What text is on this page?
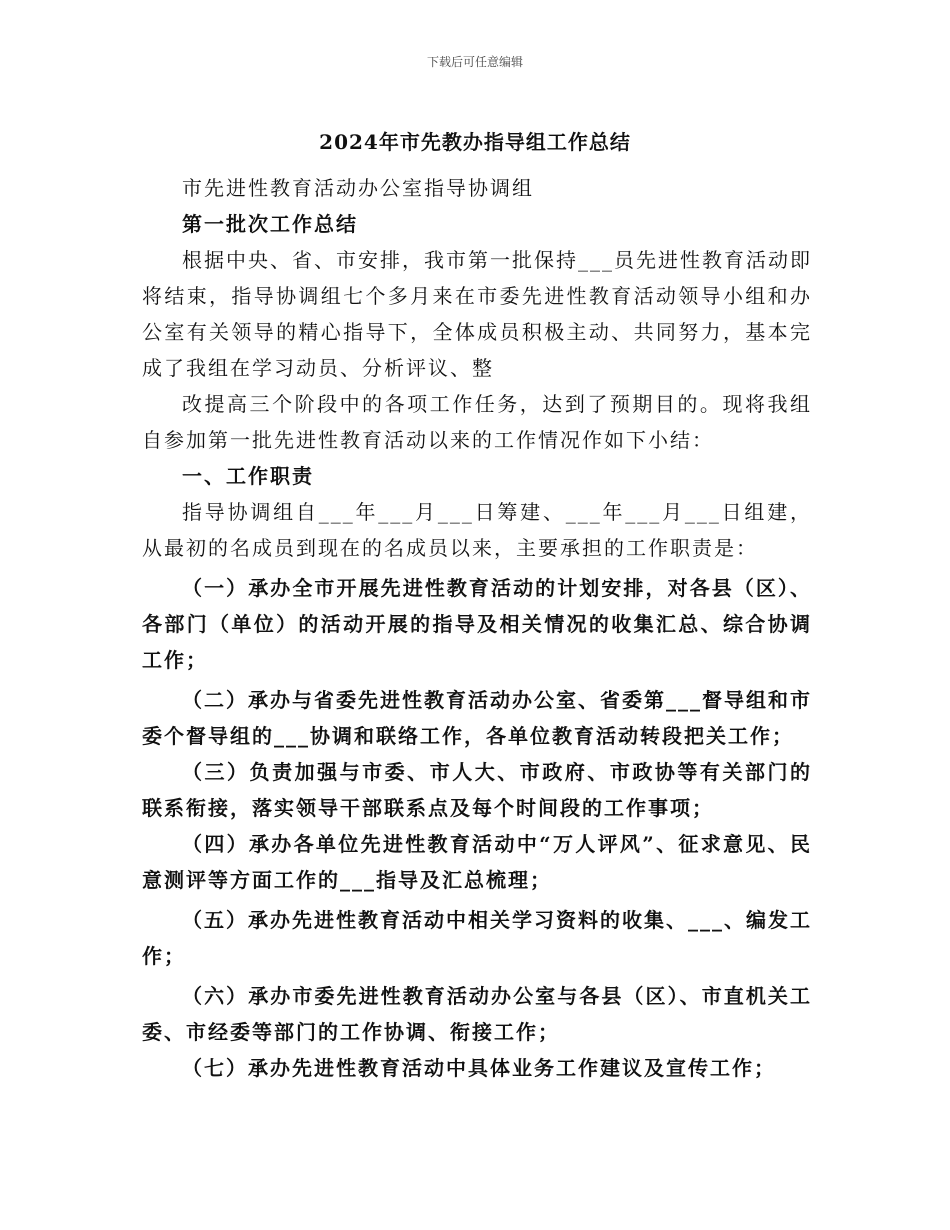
下载后可任意编辑
2024年市先教办指导组工作总结

市先进性教育活动办公室指导协调组

第一批次工作总结

根据中央、省、市安排，我市第一批保持___员先进性教育活动即将结束，指导协调组七个多月来在市委先进性教育活动领导小组和办公室有关领导的精心指导下，全体成员积极主动、共同努力，基本完成了我组在学习动员、分析评议、整

改提高三个阶段中的各项工作任务，达到了预期目的。现将我组自参加第一批先进性教育活动以来的工作情况作如下小结：

一、工作职责

指导协调组自___年___月___日筹建、___年___月___日组建，从最初的名成员到现在的名成员以来，主要承担的工作职责是：

（一）承办全市开展先进性教育活动的计划安排，对各县（区）、各部门（单位）的活动开展的指导及相关情况的收集汇总、综合协调工作；

（二）承办与省委先进性教育活动办公室、省委第___督导组和市委个督导组的___协调和联络工作，各单位教育活动转段把关工作；

（三）负责加强与市委、市人大、市政府、市政协等有关部门的联系衔接，落实领导干部联系点及每个时间段的工作事项；

（四）承办各单位先进性教育活动中“万人评风”、征求意见、民意测评等方面工作的___指导及汇总梳理；

（五）承办先进性教育活动中相关学习资料的收集、___、编发工作；

（六）承办市委先进性教育活动办公室与各县（区）、市直机关工委、市经委等部门的工作协调、衔接工作；

（七）承办先进性教育活动中具体业务工作建议及宣传工作；
